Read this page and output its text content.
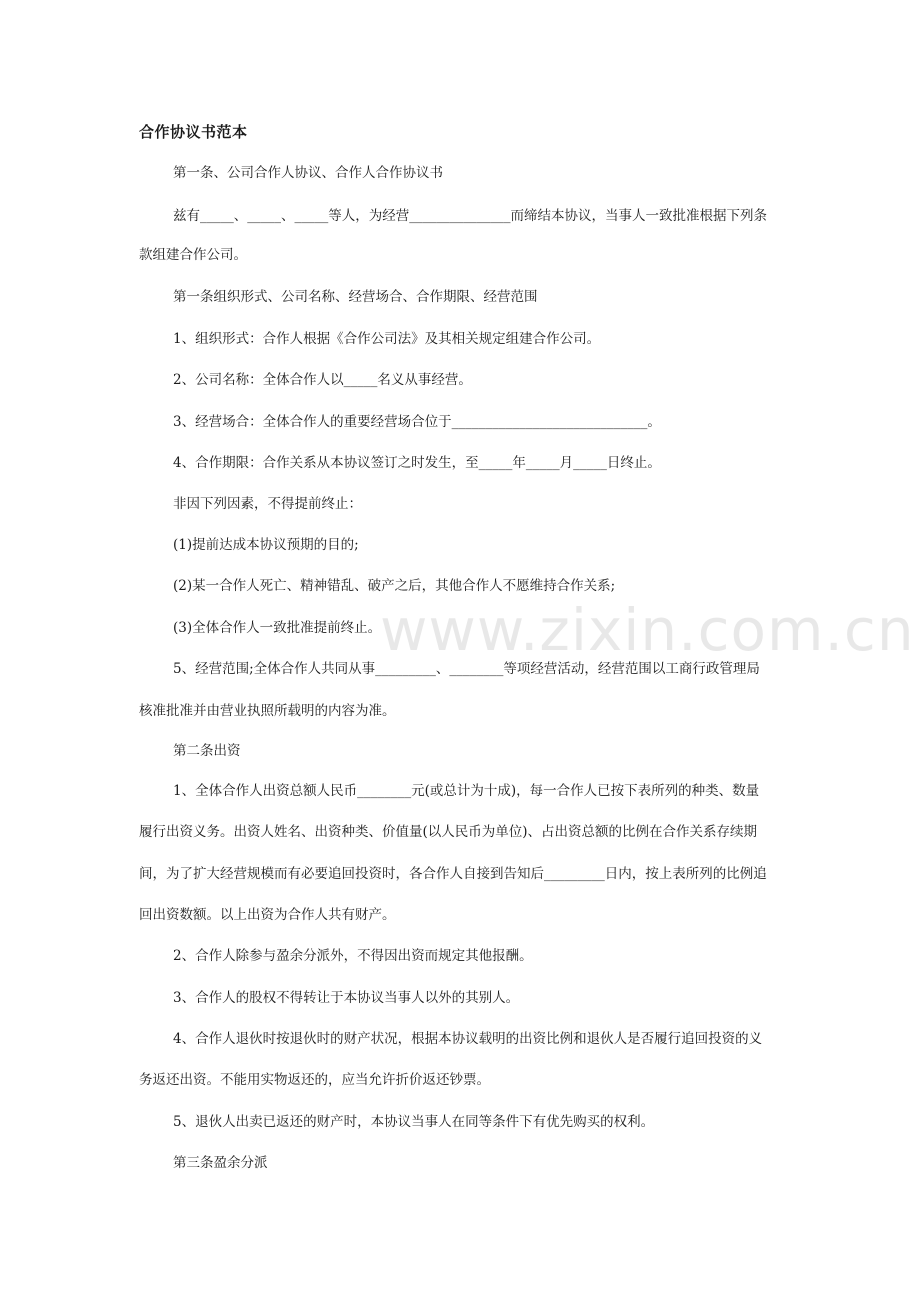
合作协议书范本

第一条、公司合作人协议、合作人合作协议书

兹有_____、_____、_____等人，为经营_______________而缔结本协议，当事人一致批准根据下列条

款组建合作公司。

第一条组织形式、公司名称、经营场合、合作期限、经营范围

1、组织形式：合作人根据《合作公司法》及其相关规定组建合作公司。

2、公司名称：全体合作人以_____名义从事经营。

3、经营场合：全体合作人的重要经营场合位于_____________________________。

4、合作期限：合作关系从本协议签订之时发生，至_____年_____月_____日终止。

非因下列因素，不得提前终止：

(1)提前达成本协议预期的目的;

(2)某一合作人死亡、精神错乱、破产之后，其他合作人不愿维持合作关系;

(3)全体合作人一致批准提前终止。

5、经营范围;全体合作人共同从事_________、________等项经营活动，经营范围以工商行政管理局

核准批准并由营业执照所载明的内容为准。

第二条出资

1、全体合作人出资总额人民币________元(或总计为十成)，每一合作人已按下表所列的种类、数量

履行出资义务。出资人姓名、出资种类、价值量(以人民币为单位)、占出资总额的比例在合作关系存续期

间，为了扩大经营规模而有必要追回投资时，各合作人自接到告知后_________日内，按上表所列的比例追

回出资数额。以上出资为合作人共有财产。

2、合作人除参与盈余分派外，不得因出资而规定其他报酬。

3、合作人的股权不得转让于本协议当事人以外的其别人。

4、合作人退伙时按退伙时的财产状况，根据本协议载明的出资比例和退伙人是否履行追回投资的义

务返还出资。不能用实物返还的，应当允许折价返还钞票。

5、退伙人出卖已返还的财产时，本协议当事人在同等条件下有优先购买的权利。

第三条盈余分派

www.zixin.com.cn
